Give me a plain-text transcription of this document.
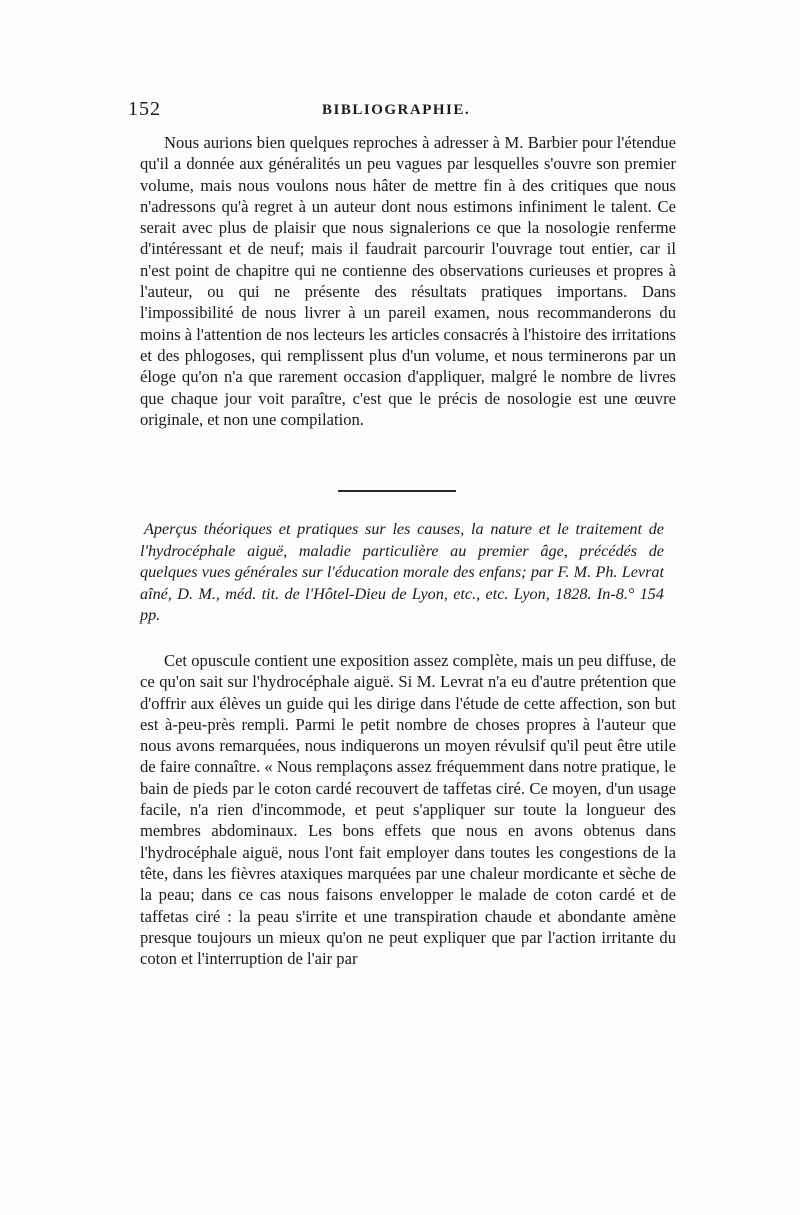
152	BIBLIOGRAPHIE.

Nous aurions bien quelques reproches à adresser à M. Barbier pour l'étendue qu'il a donnée aux généralités un peu vagues par lesquelles s'ouvre son premier volume, mais nous voulons nous hâter de mettre fin à des critiques que nous n'adressons qu'à regret à un auteur dont nous estimons infiniment le talent. Ce serait avec plus de plaisir que nous signalerions ce que la nosologie renferme d'intéressant et de neuf; mais il faudrait parcourir l'ouvrage tout entier, car il n'est point de chapitre qui ne contienne des observations curieuses et propres à l'auteur, ou qui ne présente des résultats pratiques importans. Dans l'impossibilité de nous livrer à un pareil examen, nous recommanderons du moins à l'attention de nos lecteurs les articles consacrés à l'histoire des irritations et des phlogoses, qui remplissent plus d'un volume, et nous terminerons par un éloge qu'on n'a que rarement occasion d'appliquer, malgré le nombre de livres que chaque jour voit paraître, c'est que le précis de nosologie est une œuvre originale, et non une compilation.

Aperçus théoriques et pratiques sur les causes, la nature et le traitement de l'hydrocéphale aiguë, maladie particulière au premier âge, précédés de quelques vues générales sur l'éducation morale des enfans; par F. M. Ph. Levrat aîné, D. M., méd. tit. de l'Hôtel-Dieu de Lyon, etc., etc. Lyon, 1828. In-8.° 154 pp.

Cet opuscule contient une exposition assez complète, mais un peu diffuse, de ce qu'on sait sur l'hydrocéphale aiguë. Si M. Levrat n'a eu d'autre prétention que d'offrir aux élèves un guide qui les dirige dans l'étude de cette affection, son but est à-peu-près rempli. Parmi le petit nombre de choses propres à l'auteur que nous avons remarquées, nous indiquerons un moyen révulsif qu'il peut être utile de faire connaître. « Nous remplaçons assez fréquemment dans notre pratique, le bain de pieds par le coton cardé recouvert de taffetas ciré. Ce moyen, d'un usage facile, n'a rien d'incommode, et peut s'appliquer sur toute la longueur des membres abdominaux. Les bons effets que nous en avons obtenus dans l'hydrocéphale aiguë, nous l'ont fait employer dans toutes les congestions de la tête, dans les fièvres ataxiques marquées par une chaleur mordicante et sèche de la peau; dans ce cas nous faisons envelopper le malade de coton cardé et de taffetas ciré : la peau s'irrite et une transpiration chaude et abondante amène presque toujours un mieux qu'on ne peut expliquer que par l'action irritante du coton et l'interruption de l'air par
